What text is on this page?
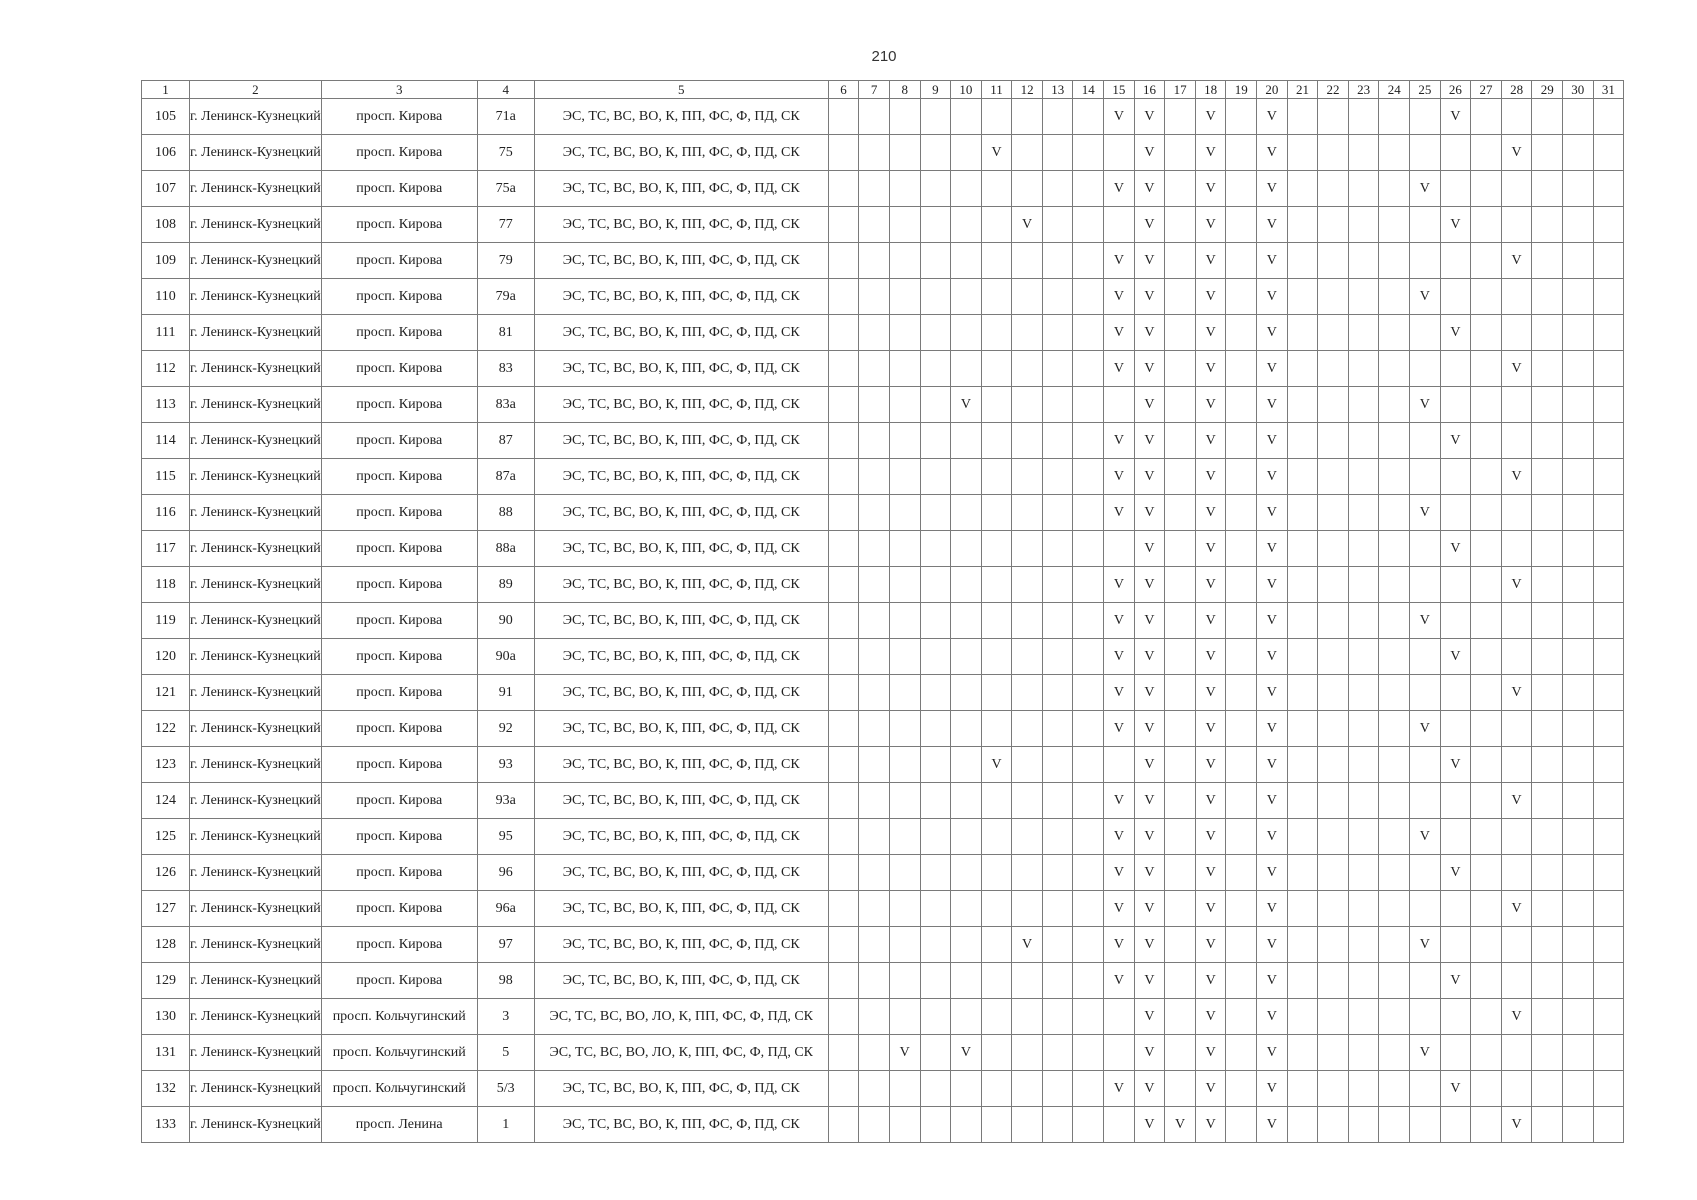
210
1	2	3	4	5	6	7	8	9	10	11	12	13	14	15	16	17	18	19	20	21	22	23	24	25	26	27	28	29	30	31
105	г. Ленинск-Кузнецкий	просп. Кирова	71а	ЭС, ТС, ВС, ВО, К, ПП, ФС, Ф, ПД, СК										V	V		V		V						V					
106	г. Ленинск-Кузнецкий	просп. Кирова	75	ЭС, ТС, ВС, ВО, К, ПП, ФС, Ф, ПД, СК						V					V		V		V								V			
107	г. Ленинск-Кузнецкий	просп. Кирова	75а	ЭС, ТС, ВС, ВО, К, ПП, ФС, Ф, ПД, СК										V	V		V		V					V						
108	г. Ленинск-Кузнецкий	просп. Кирова	77	ЭС, ТС, ВС, ВО, К, ПП, ФС, Ф, ПД, СК							V				V		V		V						V					
109	г. Ленинск-Кузнецкий	просп. Кирова	79	ЭС, ТС, ВС, ВО, К, ПП, ФС, Ф, ПД, СК										V	V		V		V								V			
110	г. Ленинск-Кузнецкий	просп. Кирова	79а	ЭС, ТС, ВС, ВО, К, ПП, ФС, Ф, ПД, СК										V	V		V		V					V						
111	г. Ленинск-Кузнецкий	просп. Кирова	81	ЭС, ТС, ВС, ВО, К, ПП, ФС, Ф, ПД, СК										V	V		V		V						V					
112	г. Ленинск-Кузнецкий	просп. Кирова	83	ЭС, ТС, ВС, ВО, К, ПП, ФС, Ф, ПД, СК										V	V		V		V								V			
113	г. Ленинск-Кузнецкий	просп. Кирова	83а	ЭС, ТС, ВС, ВО, К, ПП, ФС, Ф, ПД, СК					V						V		V		V					V						
114	г. Ленинск-Кузнецкий	просп. Кирова	87	ЭС, ТС, ВС, ВО, К, ПП, ФС, Ф, ПД, СК										V	V		V		V						V					
115	г. Ленинск-Кузнецкий	просп. Кирова	87а	ЭС, ТС, ВС, ВО, К, ПП, ФС, Ф, ПД, СК										V	V		V		V								V			
116	г. Ленинск-Кузнецкий	просп. Кирова	88	ЭС, ТС, ВС, ВО, К, ПП, ФС, Ф, ПД, СК										V	V		V		V					V						
117	г. Ленинск-Кузнецкий	просп. Кирова	88а	ЭС, ТС, ВС, ВО, К, ПП, ФС, Ф, ПД, СК											V		V		V						V					
118	г. Ленинск-Кузнецкий	просп. Кирова	89	ЭС, ТС, ВС, ВО, К, ПП, ФС, Ф, ПД, СК										V	V		V		V								V			
119	г. Ленинск-Кузнецкий	просп. Кирова	90	ЭС, ТС, ВС, ВО, К, ПП, ФС, Ф, ПД, СК										V	V		V		V					V						
120	г. Ленинск-Кузнецкий	просп. Кирова	90а	ЭС, ТС, ВС, ВО, К, ПП, ФС, Ф, ПД, СК										V	V		V		V						V					
121	г. Ленинск-Кузнецкий	просп. Кирова	91	ЭС, ТС, ВС, ВО, К, ПП, ФС, Ф, ПД, СК										V	V		V		V								V			
122	г. Ленинск-Кузнецкий	просп. Кирова	92	ЭС, ТС, ВС, ВО, К, ПП, ФС, Ф, ПД, СК										V	V		V		V					V						
123	г. Ленинск-Кузнецкий	просп. Кирова	93	ЭС, ТС, ВС, ВО, К, ПП, ФС, Ф, ПД, СК						V					V		V		V						V					
124	г. Ленинск-Кузнецкий	просп. Кирова	93а	ЭС, ТС, ВС, ВО, К, ПП, ФС, Ф, ПД, СК										V	V		V		V								V			
125	г. Ленинск-Кузнецкий	просп. Кирова	95	ЭС, ТС, ВС, ВО, К, ПП, ФС, Ф, ПД, СК										V	V		V		V					V						
126	г. Ленинск-Кузнецкий	просп. Кирова	96	ЭС, ТС, ВС, ВО, К, ПП, ФС, Ф, ПД, СК										V	V		V		V						V					
127	г. Ленинск-Кузнецкий	просп. Кирова	96а	ЭС, ТС, ВС, ВО, К, ПП, ФС, Ф, ПД, СК										V	V		V		V								V			
128	г. Ленинск-Кузнецкий	просп. Кирова	97	ЭС, ТС, ВС, ВО, К, ПП, ФС, Ф, ПД, СК							V			V	V		V		V					V						
129	г. Ленинск-Кузнецкий	просп. Кирова	98	ЭС, ТС, ВС, ВО, К, ПП, ФС, Ф, ПД, СК										V	V		V		V						V					
130	г. Ленинск-Кузнецкий	просп. Кольчугинский	3	ЭС, ТС, ВС, ВО, ЛО, К, ПП, ФС, Ф, ПД, СК											V		V		V								V			
131	г. Ленинск-Кузнецкий	просп. Кольчугинский	5	ЭС, ТС, ВС, ВО, ЛО, К, ПП, ФС, Ф, ПД, СК			V		V						V		V		V					V						
132	г. Ленинск-Кузнецкий	просп. Кольчугинский	5/3	ЭС, ТС, ВС, ВО, К, ПП, ФС, Ф, ПД, СК										V	V		V		V						V					
133	г. Ленинск-Кузнецкий	просп. Ленина	1	ЭС, ТС, ВС, ВО, К, ПП, ФС, Ф, ПД, СК											V	V	V		V								V			
